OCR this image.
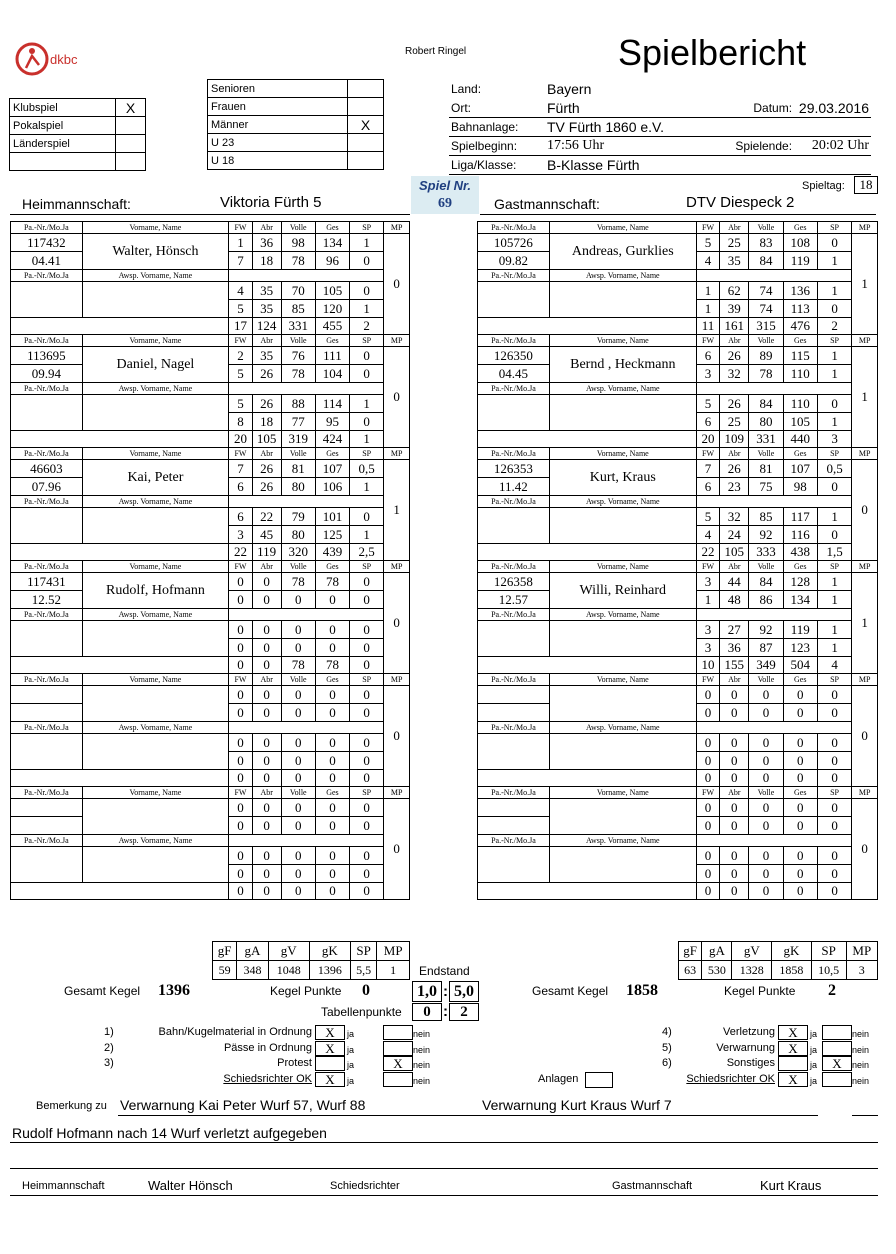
dkbc
Robert Ringel	Spielbericht
Klubspiel	X
Pokalspiel	
Länderspiel	

Senioren	
Frauen	
Männer	X
U 23	
U 18	
Land:	Bayern		
Ort:	Fürth	Datum:	29.03.2016
Bahnanlage:	TV Fürth 1860 e.V.		
Spielbeginn:	17:56 Uhr	Spielende:	20:02 Uhr
Liga/Klasse:	B-Klasse Fürth		
Heimmannschaft:	Viktoria Fürth 5
Spiel Nr.
69	Gastmannschaft:	DTV Diespeck 2
Spieltag:	18
Pa.-Nr./Mo.Ja	Vorname, Name	FW	Abr	Volle	Ges	SP	MP
117432	Walter, Hönsch	1	36	98	134	1	0
04.41		7	18	78	96	0	
Pa.-Nr./Mo.Ja	Awsp. Vorname, Name						
		4	35	70	105	0	
		5	35	85	120	1	
		17	124	331	455	2	
Pa.-Nr./Mo.Ja	Vorname, Name	FW	Abr	Volle	Ges	SP	MP
113695	Daniel, Nagel	2	35	76	111	0	0
09.94		5	26	78	104	0	
Pa.-Nr./Mo.Ja	Awsp. Vorname, Name						
		5	26	88	114	1	
		8	18	77	95	0	
		20	105	319	424	1	
Pa.-Nr./Mo.Ja	Vorname, Name	FW	Abr	Volle	Ges	SP	MP
46603	Kai, Peter	7	26	81	107	0,5	1
07.96		6	26	80	106	1	
Pa.-Nr./Mo.Ja	Awsp. Vorname, Name						
		6	22	79	101	0	
		3	45	80	125	1	
		22	119	320	439	2,5	
Pa.-Nr./Mo.Ja	Vorname, Name	FW	Abr	Volle	Ges	SP	MP
117431	Rudolf, Hofmann	0	0	78	78	0	0
12.52		0	0	0	0	0	
Pa.-Nr./Mo.Ja	Awsp. Vorname, Name						
		0	0	0	0	0	
		0	0	0	0	0	
		0	0	78	78	0	
Pa.-Nr./Mo.Ja	Vorname, Name	FW	Abr	Volle	Ges	SP	MP
		0	0	0	0	0	0
		0	0	0	0	0	
Pa.-Nr./Mo.Ja	Awsp. Vorname, Name						
		0	0	0	0	0	
		0	0	0	0	0	
		0	0	0	0	0	
Pa.-Nr./Mo.Ja	Vorname, Name	FW	Abr	Volle	Ges	SP	MP
		0	0	0	0	0	0
		0	0	0	0	0	
Pa.-Nr./Mo.Ja	Awsp. Vorname, Name						
		0	0	0	0	0	
		0	0	0	0	0	
		0	0	0	0	0	
Pa.-Nr./Mo.Ja	Vorname, Name	FW	Abr	Volle	Ges	SP	MP
105726	Andreas, Gurklies	5	25	83	108	0	1
09.82		4	35	84	119	1	
Pa.-Nr./Mo.Ja	Awsp. Vorname, Name						
		1	62	74	136	1	
		1	39	74	113	0	
		11	161	315	476	2	
Pa.-Nr./Mo.Ja	Vorname, Name	FW	Abr	Volle	Ges	SP	MP
126350	Bernd , Heckmann	6	26	89	115	1	1
04.45		3	32	78	110	1	
Pa.-Nr./Mo.Ja	Awsp. Vorname, Name						
		5	26	84	110	0	
		6	25	80	105	1	
		20	109	331	440	3	
Pa.-Nr./Mo.Ja	Vorname, Name	FW	Abr	Volle	Ges	SP	MP
126353	Kurt, Kraus	7	26	81	107	0,5	0
11.42		6	23	75	98	0	
Pa.-Nr./Mo.Ja	Awsp. Vorname, Name						
		5	32	85	117	1	
		4	24	92	116	0	
		22	105	333	438	1,5	
Pa.-Nr./Mo.Ja	Vorname, Name	FW	Abr	Volle	Ges	SP	MP
126358	Willi, Reinhard	3	44	84	128	1	1
12.57		1	48	86	134	1	
Pa.-Nr./Mo.Ja	Awsp. Vorname, Name						
		3	27	92	119	1	
		3	36	87	123	1	
		10	155	349	504	4	
Pa.-Nr./Mo.Ja	Vorname, Name	FW	Abr	Volle	Ges	SP	MP
		0	0	0	0	0	0
		0	0	0	0	0	
Pa.-Nr./Mo.Ja	Awsp. Vorname, Name						
		0	0	0	0	0	
		0	0	0	0	0	
		0	0	0	0	0	
Pa.-Nr./Mo.Ja	Vorname, Name	FW	Abr	Volle	Ges	SP	MP
		0	0	0	0	0	0
		0	0	0	0	0	
Pa.-Nr./Mo.Ja	Awsp. Vorname, Name						
		0	0	0	0	0	
		0	0	0	0	0	
		0	0	0	0	0	
gF	gA	gV	gK	SP	MP
59	348	1048	1396	5,5	1
gF	gA	gV	gK	SP	MP
63	530	1328	1858	10,5	3
Endstand
Gesamt Kegel 1396	Kegel Punkte 0	1,0 : 5,0	Gesamt Kegel 1858	Kegel Punkte 2
Tabellenpunkte	0 : 2
1)	Bahn/Kugelmaterial in Ordnung	X	ja	nein
2)	Pässe in Ordnung	X	ja	nein
3)	Protest	ja	X	nein
Schiedsrichter OK	X	ja	nein
4)	Verletzung	X	ja	nein
5)	Verwarnung	X	ja	nein
6)	Sonstiges	ja	X	nein
Schiedsrichter OK	X	ja	nein
Anlagen
Bemerkung zu Verwarnung Kai Peter Wurf 57, Wurf 88	Verwarnung Kurt Kraus Wurf 7
Rudolf Hofmann nach 14 Wurf verletzt aufgegeben
Heimmannschaft	Walter Hönsch	Schiedsrichter	Gastmannschaft	Kurt Kraus
